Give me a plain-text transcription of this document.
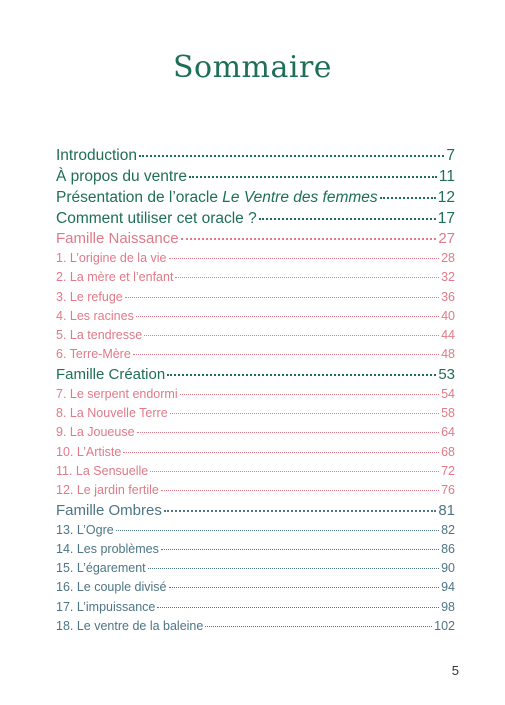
Sommaire
Introduction	7
À propos du ventre	11
Présentation de l’oracle Le Ventre des femmes	12
Comment utiliser cet oracle ?	17
Famille Naissance	27
1. L’origine de la vie	28
2. La mère et l’enfant	32
3. Le refuge	36
4. Les racines	40
5. La tendresse	44
6. Terre-Mère	48
Famille Création	53
7. Le serpent endormi	54
8. La Nouvelle Terre	58
9. La Joueuse	64
10. L’Artiste	68
11. La Sensuelle	72
12. Le jardin fertile	76
Famille Ombres	81
13. L’Ogre	82
14. Les problèmes	86
15. L’égarement	90
16. Le couple divisé	94
17. L’impuissance	98
18. Le ventre de la baleine	102
5
